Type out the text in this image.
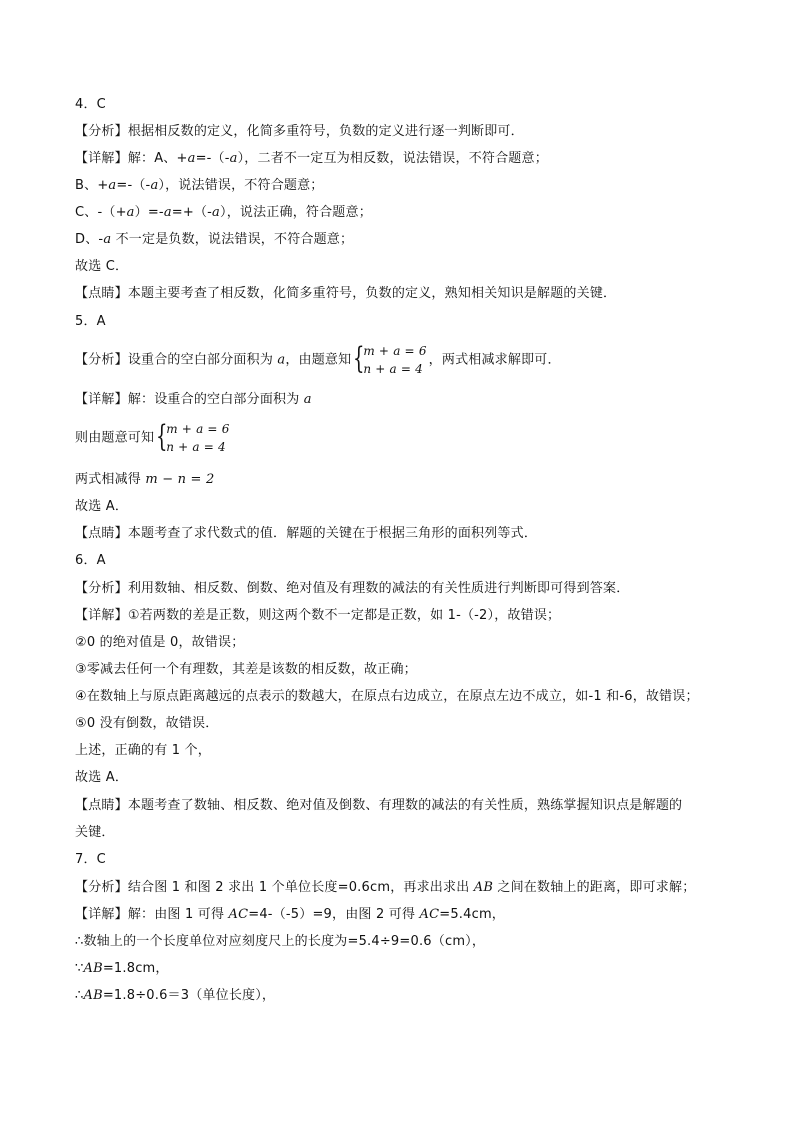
4．C
【分析】根据相反数的定义，化简多重符号，负数的定义进行逐一判断即可．
【详解】解：A、+a=-（-a），二者不一定互为相反数，说法错误，不符合题意；
B、+a=-（-a），说法错误，不符合题意；
C、-（+a）=-a=+（-a），说法正确，符合题意；
D、-a 不一定是负数，说法错误，不符合题意；
故选 C．
【点睛】本题主要考查了相反数，化简多重符号，负数的定义，熟知相关知识是解题的关键．
5．A
【分析】设重合的空白部分面积为 a，由题意知 {
m + a = 6
n + a = 4
，两式相减求解即可．
【详解】解：设重合的空白部分面积为 a
则由题意可知 {
m + a = 6
n + a = 4
两式相减得 m − n = 2
故选 A．
【点睛】本题考查了求代数式的值．解题的关键在于根据三角形的面积列等式．
6．A
【分析】利用数轴、相反数、倒数、绝对值及有理数的减法的有关性质进行判断即可得到答案．
【详解】①若两数的差是正数，则这两个数不一定都是正数，如 1-（-2），故错误；
②0 的绝对值是 0，故错误；
③零减去任何一个有理数，其差是该数的相反数，故正确；
④在数轴上与原点距离越远的点表示的数越大，在原点右边成立，在原点左边不成立，如-1 和-6，故错误；
⑤0 没有倒数，故错误．
上述，正确的有 1 个，
故选 A．
【点睛】本题考查了数轴、相反数、绝对值及倒数、有理数的减法的有关性质，熟练掌握知识点是解题的
关键．
7．C
【分析】结合图 1 和图 2 求出 1 个单位长度=0.6cm，再求出求出 AB 之间在数轴上的距离，即可求解；
【详解】解：由图 1 可得 AC=4-（-5）=9，由图 2 可得 AC=5.4cm，
∴数轴上的一个长度单位对应刻度尺上的长度为=5.4÷9=0.6（cm），
∵AB=1.8cm，
∴AB=1.8÷0.6＝3（单位长度），
